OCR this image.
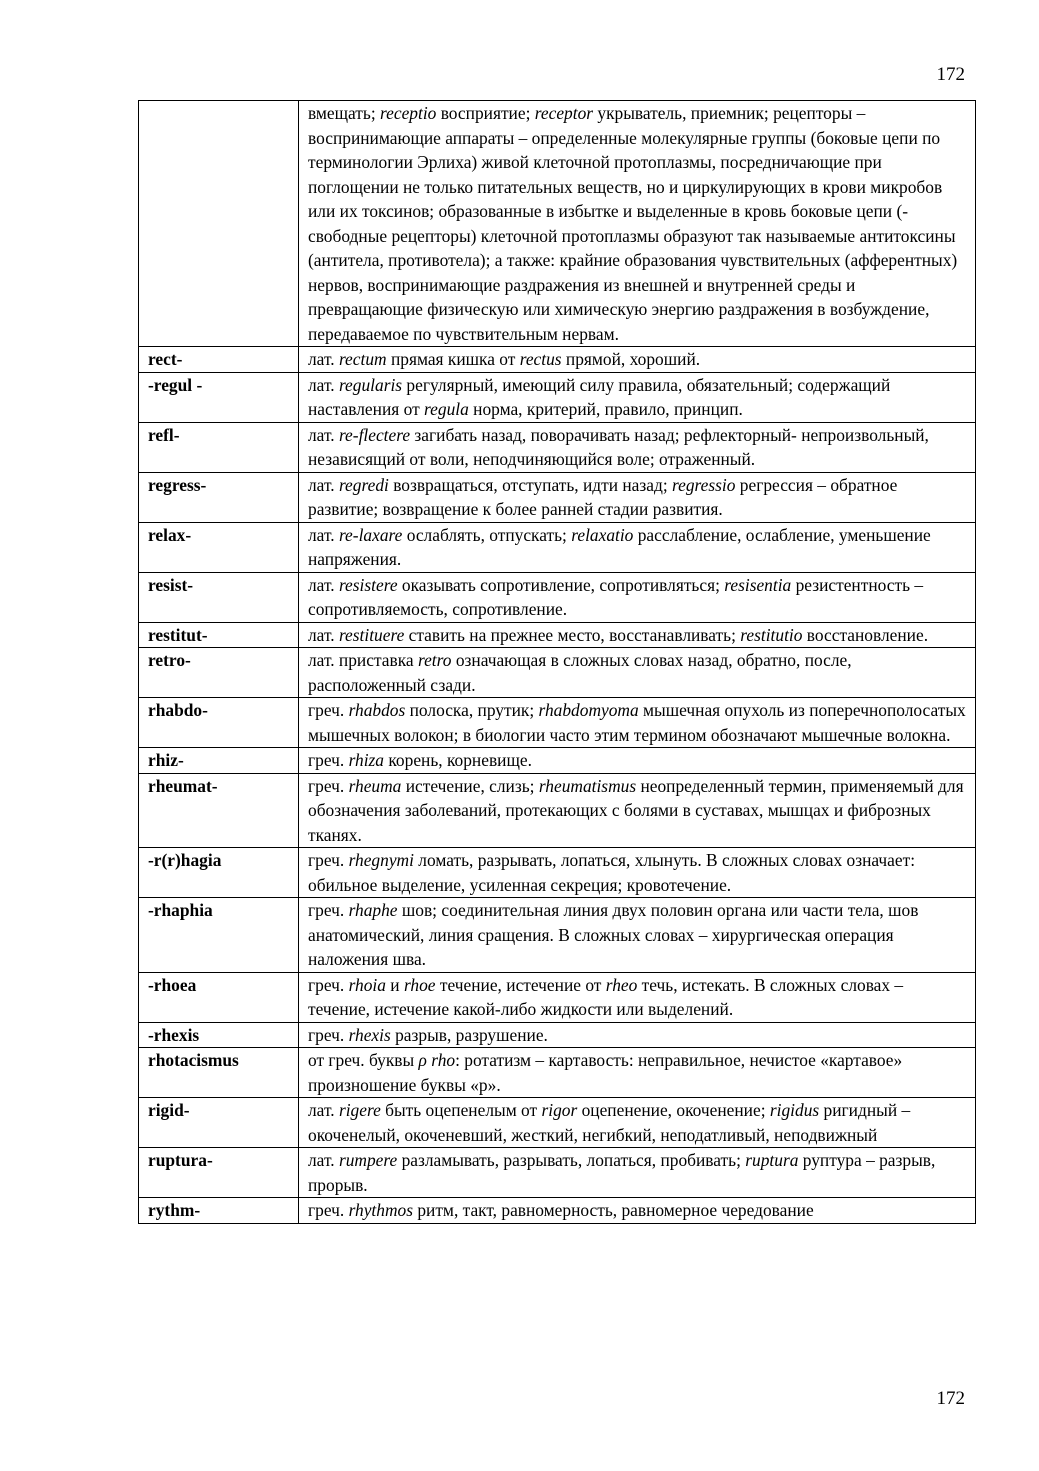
172
	вмещать; receptio восприятие; receptor укрыватель, приемник; рецепторы – воспринимающие аппараты – определенные молекулярные группы (боковые цепи по терминологии Эрлиха) живой клеточной протоплазмы, посредничающие при поглощении не только питательных веществ, но и циркулирующих в крови микробов или их токсинов; образованные в избытке и выделенные в кровь боковые цепи (- свободные рецепторы) клеточной протоплазмы образуют так называемые антитоксины (антитела, противотела); а также: крайние образования чувствительных (афферентных) нервов, воспринимающие раздражения из внешней и внутренней среды и превращающие физическую или химическую энергию раздражения в возбуждение, передаваемое по чувствительным нервам.
rect-	лат. rectum прямая кишка от rectus прямой, хороший.
-regul -	лат. regularis регулярный, имеющий силу правила, обязательный; содержащий наставления от regula норма, критерий, правило, принцип.
refl-	лат. re-flectere загибать назад, поворачивать назад; рефлекторный- непроизвольный, независящий от воли, неподчиняющийся воле; отраженный.
regress-	лат. regredi возвращаться, отступать, идти назад; regressio регрессия – обратное развитие; возвращение к более ранней стадии развития.
relax-	лат. re-laxare ослаблять, отпускать; relaxatio расслабление, ослабление, уменьшение напряжения.
resist-	лат. resistere оказывать сопротивление, сопротивляться; resisentia резистентность – сопротивляемость, сопротивление.
restitut-	лат. restituere ставить на прежнее место, восстанавливать; restitutio восстановление.
retro-	лат. приставка retro означающая в сложных словах назад, обратно, после, расположенный сзади.
rhabdo-	греч. rhabdos полоска, прутик; rhabdomyoma мышечная опухоль из поперечнополосатых мышечных волокон; в биологии часто этим термином обозначают мышечные волокна.
rhiz-	греч. rhiza корень, корневище.
rheumat-	греч. rheuma истечение, слизь; rheumatismus неопределенный термин, применяемый для обозначения заболеваний, протекающих с болями в суставах, мышцах и фиброзных тканях.
-r(r)hagia	греч. rhegnymi ломать, разрывать, лопаться, хлынуть. В сложных словах означает: обильное выделение, усиленная секреция; кровотечение.
-rhaphia	греч. rhaphe шов; соединительная линия двух половин органа или части тела, шов анатомический, линия сращения. В сложных словах – хирургическая операция наложения шва.
-rhoea	греч. rhoia и rhoe течение, истечение от rheo течь, истекать. В сложных словах – течение, истечение какой-либо жидкости или выделений.
-rhexis	греч. rhexis разрыв, разрушение.
rhotacismus	от греч. буквы ρ rho: ротатизм – картавость: неправильное, нечистое «картавое» произношение буквы «р».
rigid-	лат. rigere быть оцепенелым от rigor оцепенение, окоченение; rigidus ригидный – окоченелый, окоченевший, жесткий, негибкий, неподатливый, неподвижный
ruptura-	лат. rumpere разламывать, разрывать, лопаться, пробивать; ruptura руптура – разрыв, прорыв.
rythm-	греч. rhythmos ритм, такт, равномерность, равномерное чередование
172
